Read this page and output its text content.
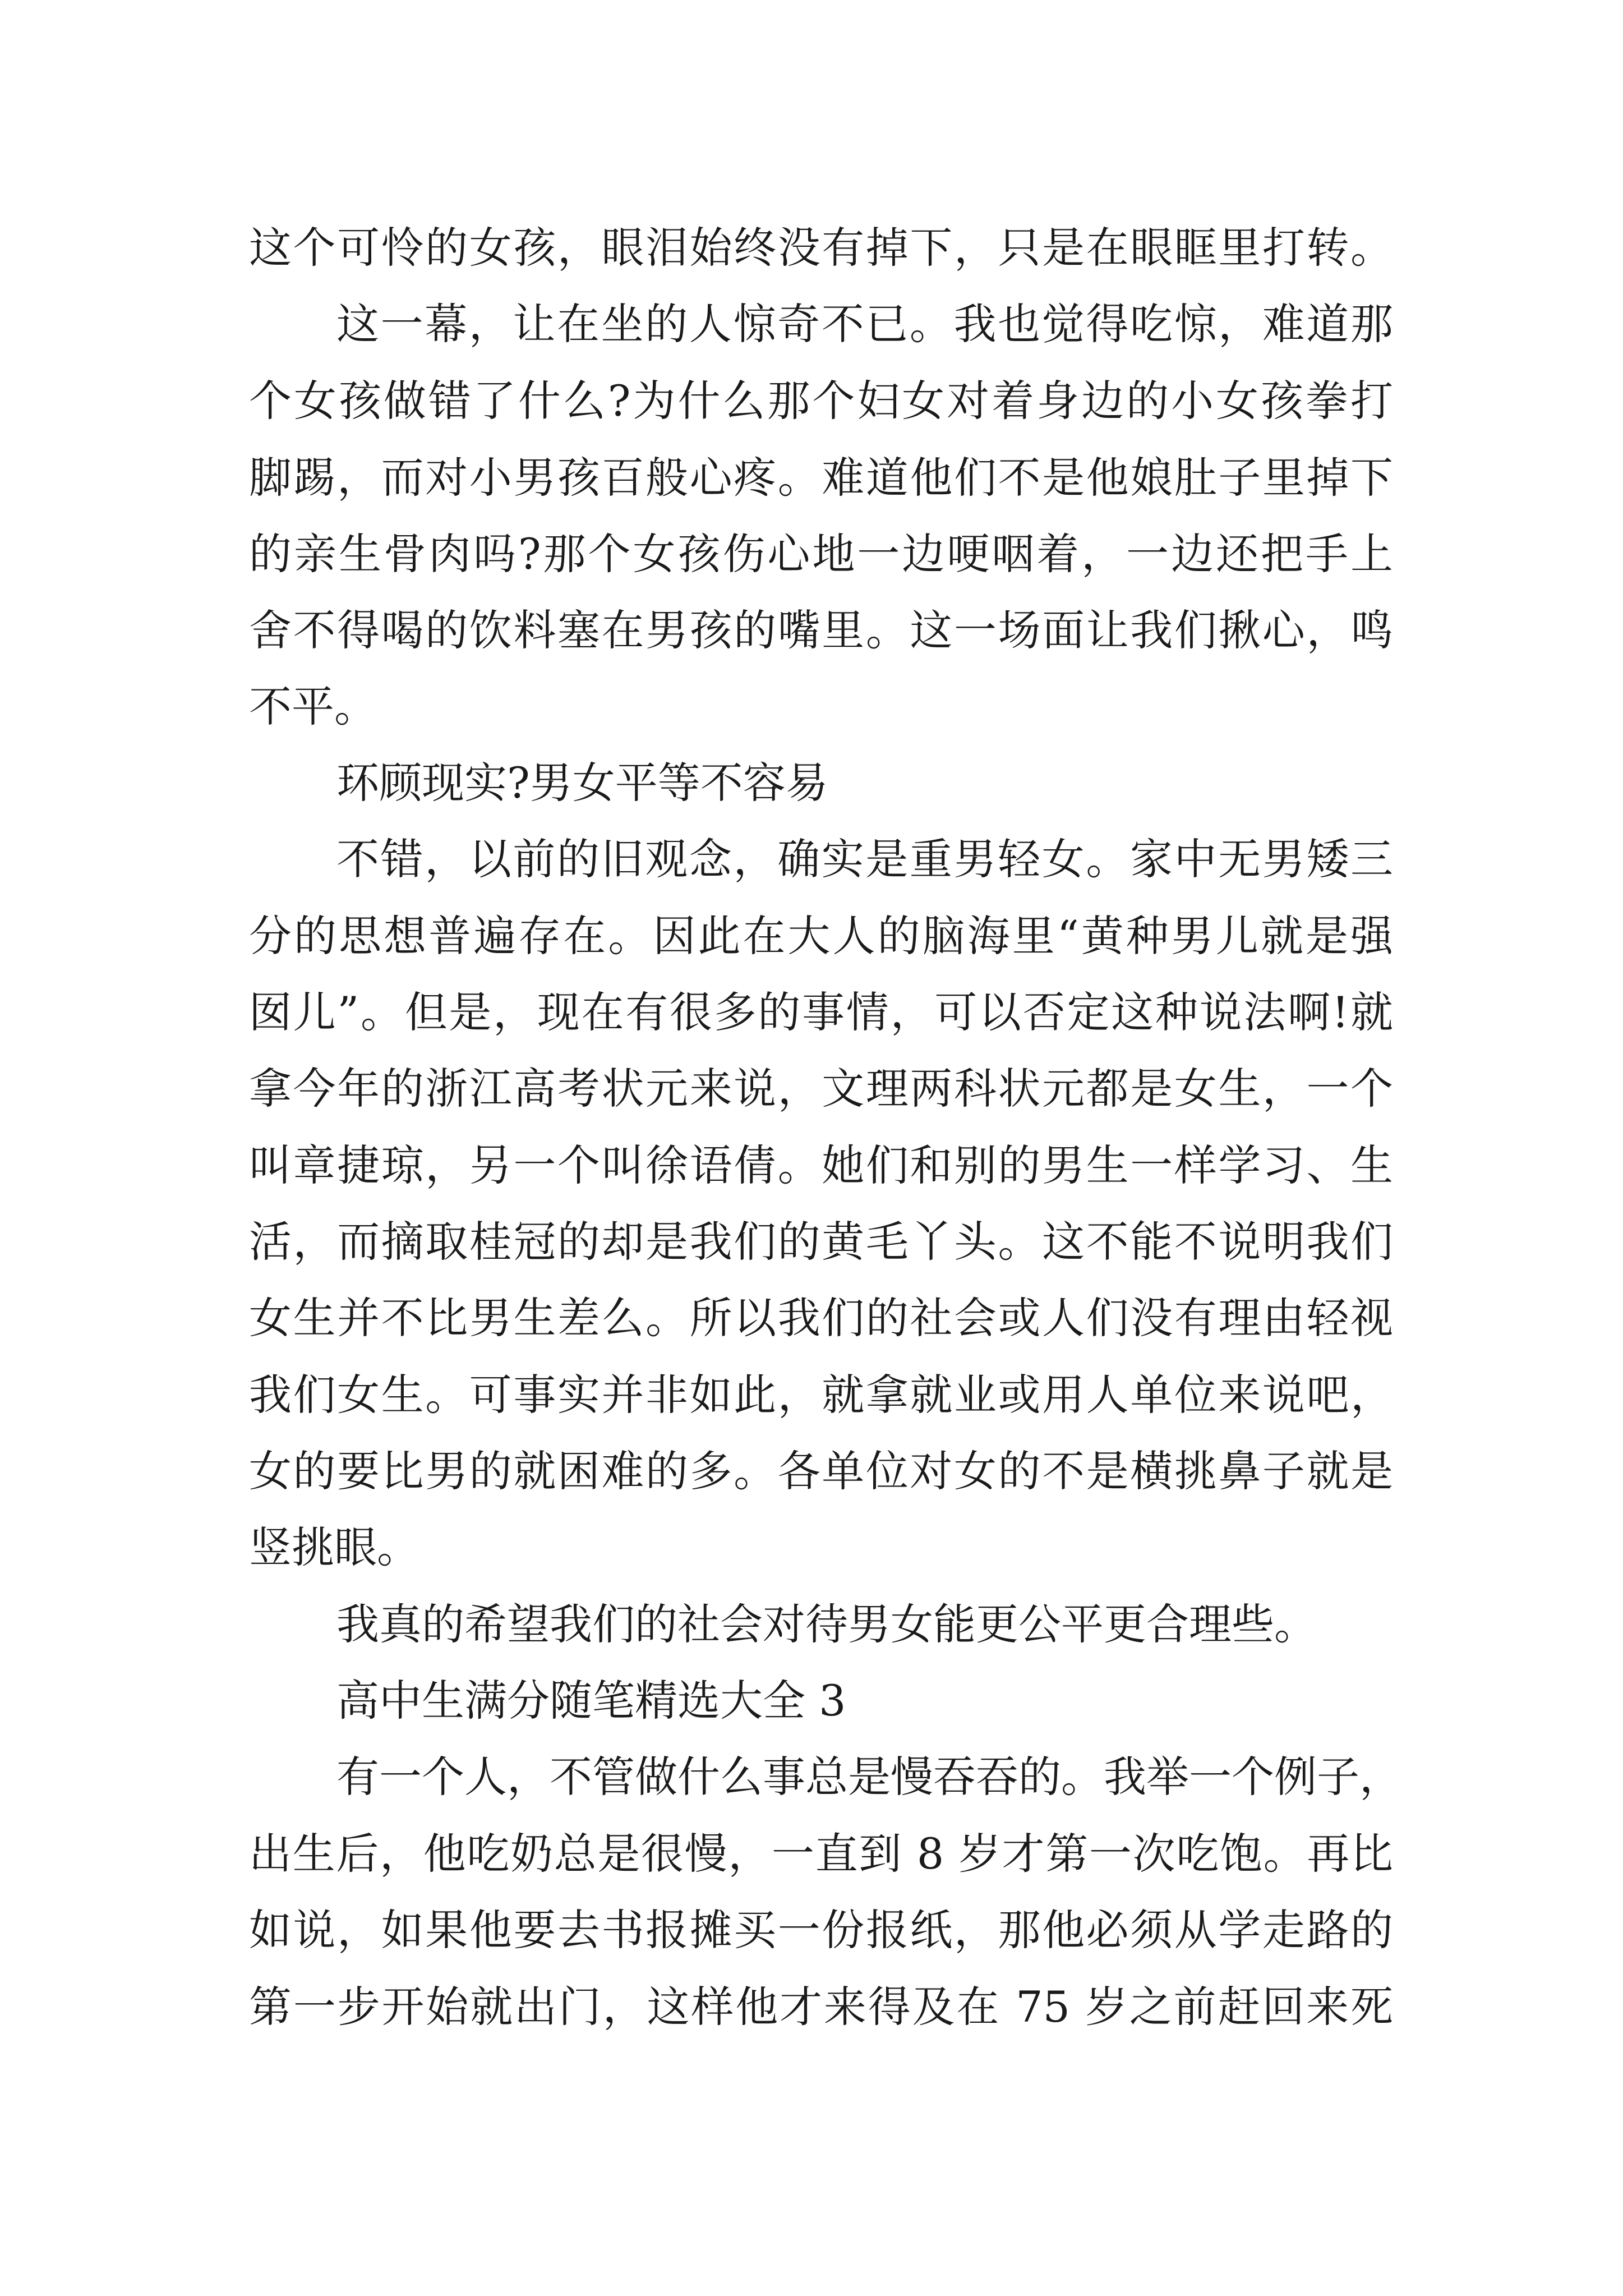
这个可怜的女孩，眼泪始终没有掉下，只是在眼眶里打转。
这一幕，让在坐的人惊奇不已。我也觉得吃惊，难道那
个女孩做错了什么?为什么那个妇女对着身边的小女孩拳打
脚踢，而对小男孩百般心疼。难道他们不是他娘肚子里掉下
的亲生骨肉吗?那个女孩伤心地一边哽咽着，一边还把手上
舍不得喝的饮料塞在男孩的嘴里。这一场面让我们揪心，鸣
不平。
环顾现实?男女平等不容易
不错，以前的旧观念，确实是重男轻女。家中无男矮三
分的思想普遍存在。因此在大人的脑海里“黄种男儿就是强
囡儿”。但是，现在有很多的事情，可以否定这种说法啊!就
拿今年的浙江高考状元来说，文理两科状元都是女生，一个
叫章捷琼，另一个叫徐语倩。她们和别的男生一样学习、生
活，而摘取桂冠的却是我们的黄毛丫头。这不能不说明我们
女生并不比男生差么。所以我们的社会或人们没有理由轻视
我们女生。可事实并非如此，就拿就业或用人单位来说吧，
女的要比男的就困难的多。各单位对女的不是横挑鼻子就是
竖挑眼。
我真的希望我们的社会对待男女能更公平更合理些。
高中生满分随笔精选大全 3
有一个人，不管做什么事总是慢吞吞的。我举一个例子，
出生后，他吃奶总是很慢，一直到 8 岁才第一次吃饱。再比
如说，如果他要去书报摊买一份报纸，那他必须从学走路的
第一步开始就出门，这样他才来得及在 75 岁之前赶回来死
